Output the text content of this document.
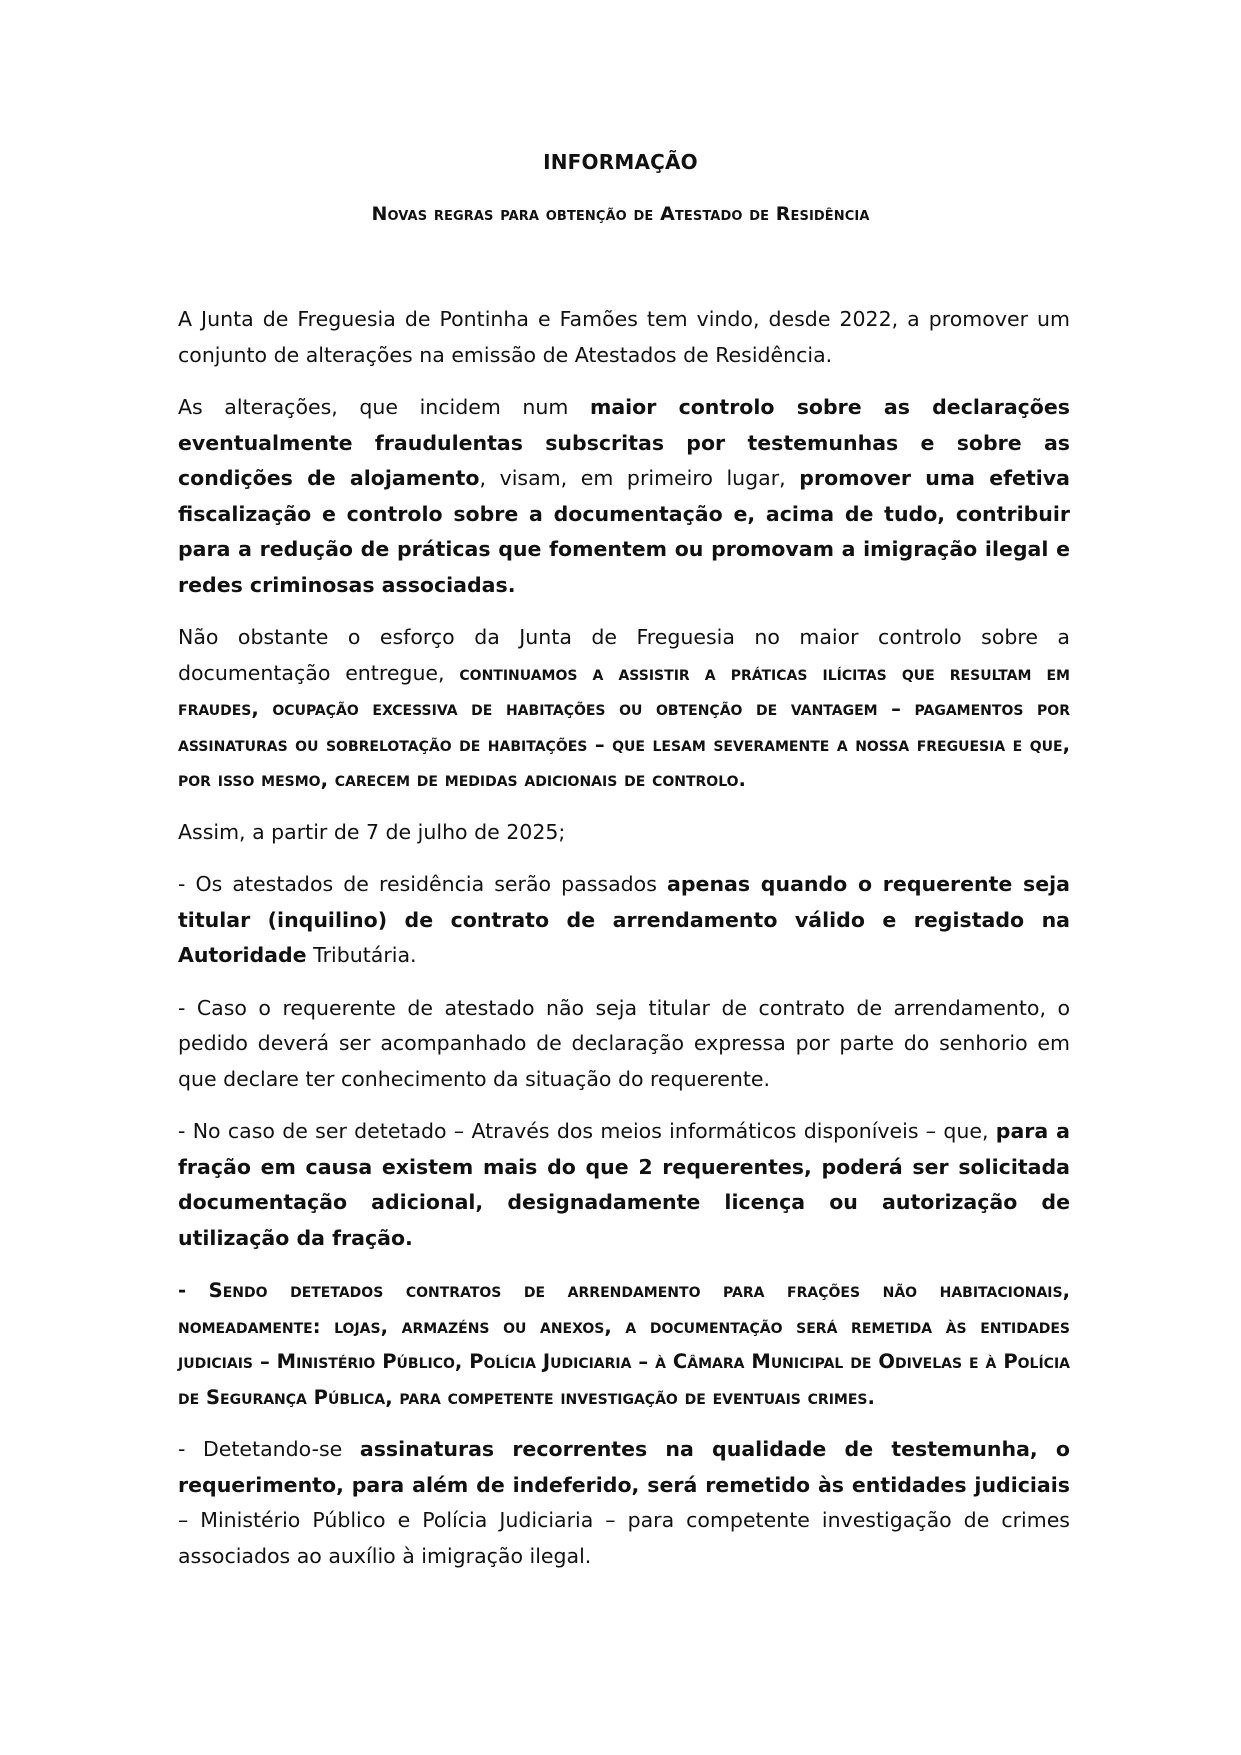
INFORMAÇÃO
Novas regras para obtenção de Atestado de Residência

A Junta de Freguesia de Pontinha e Famões tem vindo, desde 2022, a promover um conjunto de alterações na emissão de Atestados de Residência.

As alterações, que incidem num maior controlo sobre as declarações eventualmente fraudulentas subscritas por testemunhas e sobre as condições de alojamento, visam, em primeiro lugar, promover uma efetiva fiscalização e controlo sobre a documentação e, acima de tudo, contribuir para a redução de práticas que fomentem ou promovam a imigração ilegal e redes criminosas associadas.

Não obstante o esforço da Junta de Freguesia no maior controlo sobre a documentação entregue, continuamos a assistir a práticas ilícitas que resultam em fraudes, ocupação excessiva de habitações ou obtenção de vantagem – pagamentos por assinaturas ou sobrelotação de habitações – que lesam severamente a nossa freguesia e que, por isso mesmo, carecem de medidas adicionais de controlo.

Assim, a partir de 7 de julho de 2025;

- Os atestados de residência serão passados apenas quando o requerente seja titular (inquilino) de contrato de arrendamento válido e registado na Autoridade Tributária.

- Caso o requerente de atestado não seja titular de contrato de arrendamento, o pedido deverá ser acompanhado de declaração expressa por parte do senhorio em que declare ter conhecimento da situação do requerente.

- No caso de ser detetado – Através dos meios informáticos disponíveis – que, para a fração em causa existem mais do que 2 requerentes, poderá ser solicitada documentação adicional, designadamente licença ou autorização de utilização da fração.

- Sendo detetados contratos de arrendamento para frações não habitacionais, nomeadamente: lojas, armazéns ou anexos, a documentação será remetida às entidades judiciais – Ministério Público, Polícia Judiciaria – à Câmara Municipal de Odivelas e à Polícia de Segurança Pública, para competente investigação de eventuais crimes.

- Detetando-se assinaturas recorrentes na qualidade de testemunha, o requerimento, para além de indeferido, será remetido às entidades judiciais – Ministério Público e Polícia Judiciaria – para competente investigação de crimes associados ao auxílio à imigração ilegal.
